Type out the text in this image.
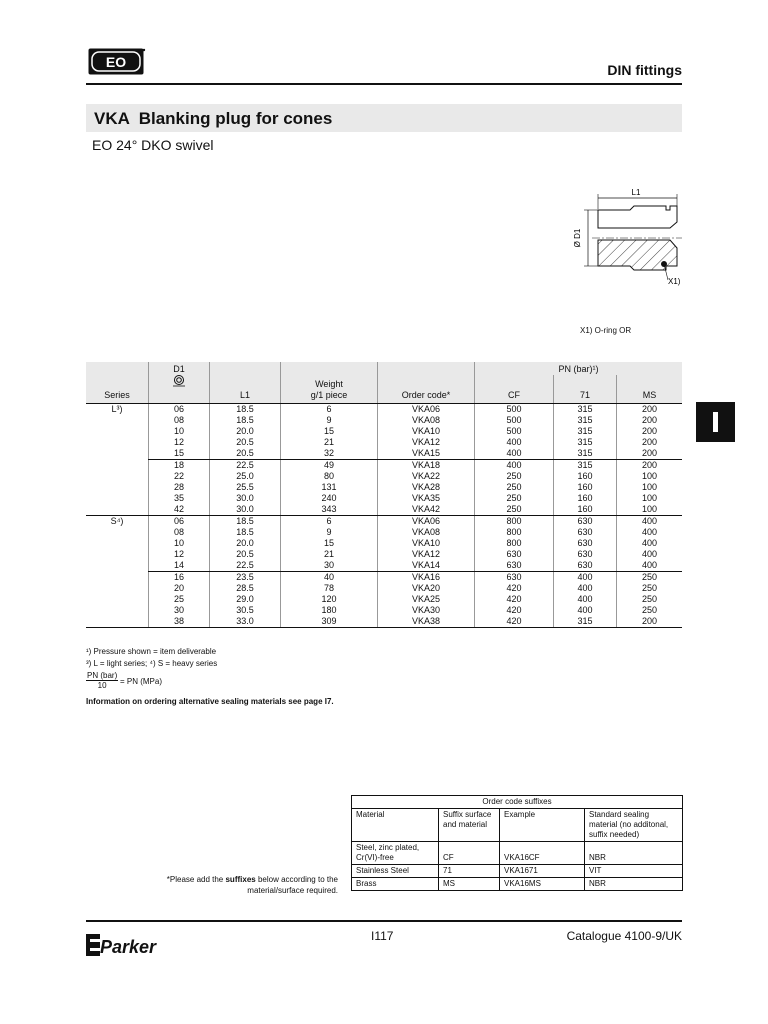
EO	DIN fittings
VKA Blanking plug for cones
EO 24° DKO swivel
L1
Ø D1
X1)
X1) O-ring OR
	D1				PN (bar)¹)		
			Weight				
Series		L1	g/1 piece	Order code*	CF	71	MS
L³)	06	18.5	6	VKA06	500	315	200
	08	18.5	9	VKA08	500	315	200
	10	20.0	15	VKA10	500	315	200
	12	20.5	21	VKA12	400	315	200
	15	20.5	32	VKA15	400	315	200
	18	22.5	49	VKA18	400	315	200
	22	25.0	80	VKA22	250	160	100
	28	25.5	131	VKA28	250	160	100
	35	30.0	240	VKA35	250	160	100
	42	30.0	343	VKA42	250	160	100
S⁴)	06	18.5	6	VKA06	800	630	400
	08	18.5	9	VKA08	800	630	400
	10	20.0	15	VKA10	800	630	400
	12	20.5	21	VKA12	630	630	400
	14	22.5	30	VKA14	630	630	400
	16	23.5	40	VKA16	630	400	250
	20	28.5	78	VKA20	420	400	250
	25	29.0	120	VKA25	420	400	250
	30	30.5	180	VKA30	420	400	250
	38	33.0	309	VKA38	420	315	200
¹) Pressure shown = item deliverable
³) L = light series; ⁴) S = heavy series
PN (bar)
10	= PN (MPa)
Information on ordering alternative sealing materials see page I7.
*Please add the suffixes below according to the material/surface required.
Order code suffixes			
Material	Suffix surface and material	Example	Standard sealing material (no additonal, suffix needed)
Steel, zinc plated, Cr(VI)-free	CF	VKA16CF	NBR
Stainless Steel	71	VKA1671	VIT
Brass	MS	VKA16MS	NBR
Parker
I117	Catalogue 4100-9/UK
